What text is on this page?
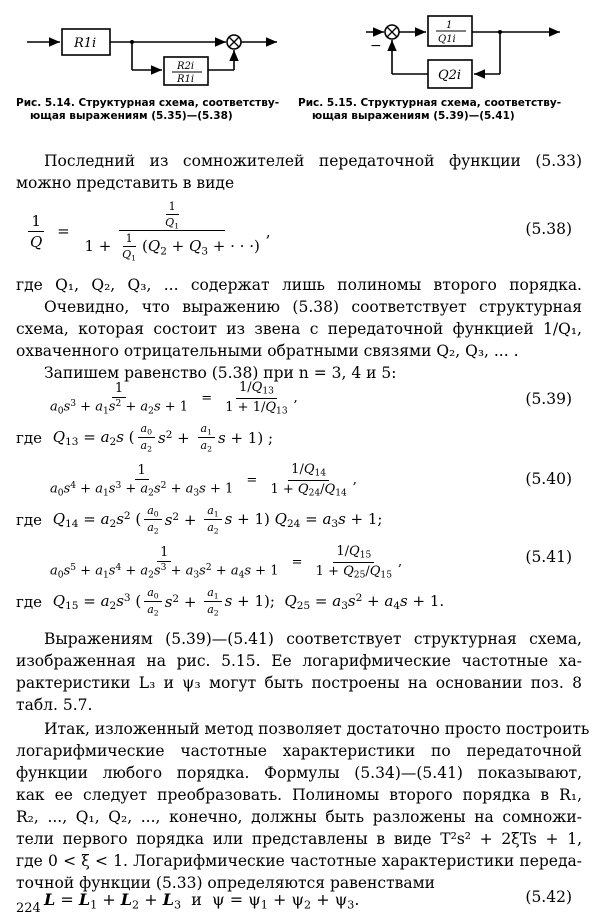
R1i
R2i
R1i
Рис. 5.14. Структурная схема, соответству-
ющая выражениям (5.35)—(5.38)
1
Q1i
Q2i
−
Рис. 5.15. Структурная схема, соответству-
ющая выражениям (5.39)—(5.41)
Последний из сомножителей передаточной функции (5.33)
можно представить в виде
$\frac{1}{Q} = \frac{\frac{1}{Q_1}}{1 + \frac{1}{Q_1} (Q_2 + Q_3 + \cdot \cdot \cdot)}$ ,	(5.38)
где Q₁, Q₂, Q₃, ... содержат лишь полиномы второго порядка.
Очевидно, что выражению (5.38) соответствует структурная
схема, которая состоит из звена с передаточной функцией 1/Q₁,
охваченного отрицательными обратными связями Q₂, Q₃, ... .
Запишем равенство (5.38) при n = 3, 4 и 5:
$\frac{1}{a_0s^3 + a_1s^2 + a_2s + 1} = \frac{1/Q_{13}}{1 + 1/Q_{13}}$ ,	(5.39)
где $Q_{13} = a_2s$ ( $\frac{a_0}{a_2} s^2 + \frac{a_1}{a_2}$ s + 1) ;
$\frac{1}{a_0s^4 + a_1s^3 + a_2s^2 + a_3s + 1} = \frac{1/Q_{14}}{1 + Q_{24}/Q_{14}}$ ,	(5.40)
где $Q_{14} = a_2s^2$ ( $\frac{a_0}{a_2} s^2 + \frac{a_1}{a_2}$ s + 1) $Q_{24} = a_3s + 1$;
$\frac{1}{a_0s^5 + a_1s^4 + a_2s^3 + a_3s^2 + a_4s + 1} = \frac{1/Q_{15}}{1 + Q_{25}/Q_{15}}$ ,	(5.41)
где $Q_{15} = a_2s^3$ ( $\frac{a_0}{a_2} s^2 + \frac{a_1}{a_2}$ s + 1);  $Q_{25} = a_3s^2 + a_4s + 1$.
Выражениям (5.39)—(5.41) соответствует структурная схема,
изображенная на рис. 5.15. Ее логарифмические частотные ха-
рактеристики L₃ и ψ₃ могут быть построены на основании поз. 8
табл. 5.7.
Итак, изложенный метод позволяет достаточно просто построить
логарифмические частотные характеристики по передаточной
функции любого порядка. Формулы (5.34)—(5.41) показывают,
как ее следует преобразовать. Полиномы второго порядка в R₁,
R₂, ..., Q₁, Q₂, ..., конечно, должны быть разложены на сомножи-
тели первого порядка или представлены в виде T²s² + 2ξTs + 1,
где 0 < ξ < 1. Логарифмические частотные характеристики переда-
точной функции (5.33) определяются равенствами
$L = L_1 + L_2 + L_3$  и  $\psi = \psi_1 + \psi_2 + \psi_3$.	(5.42)
224
